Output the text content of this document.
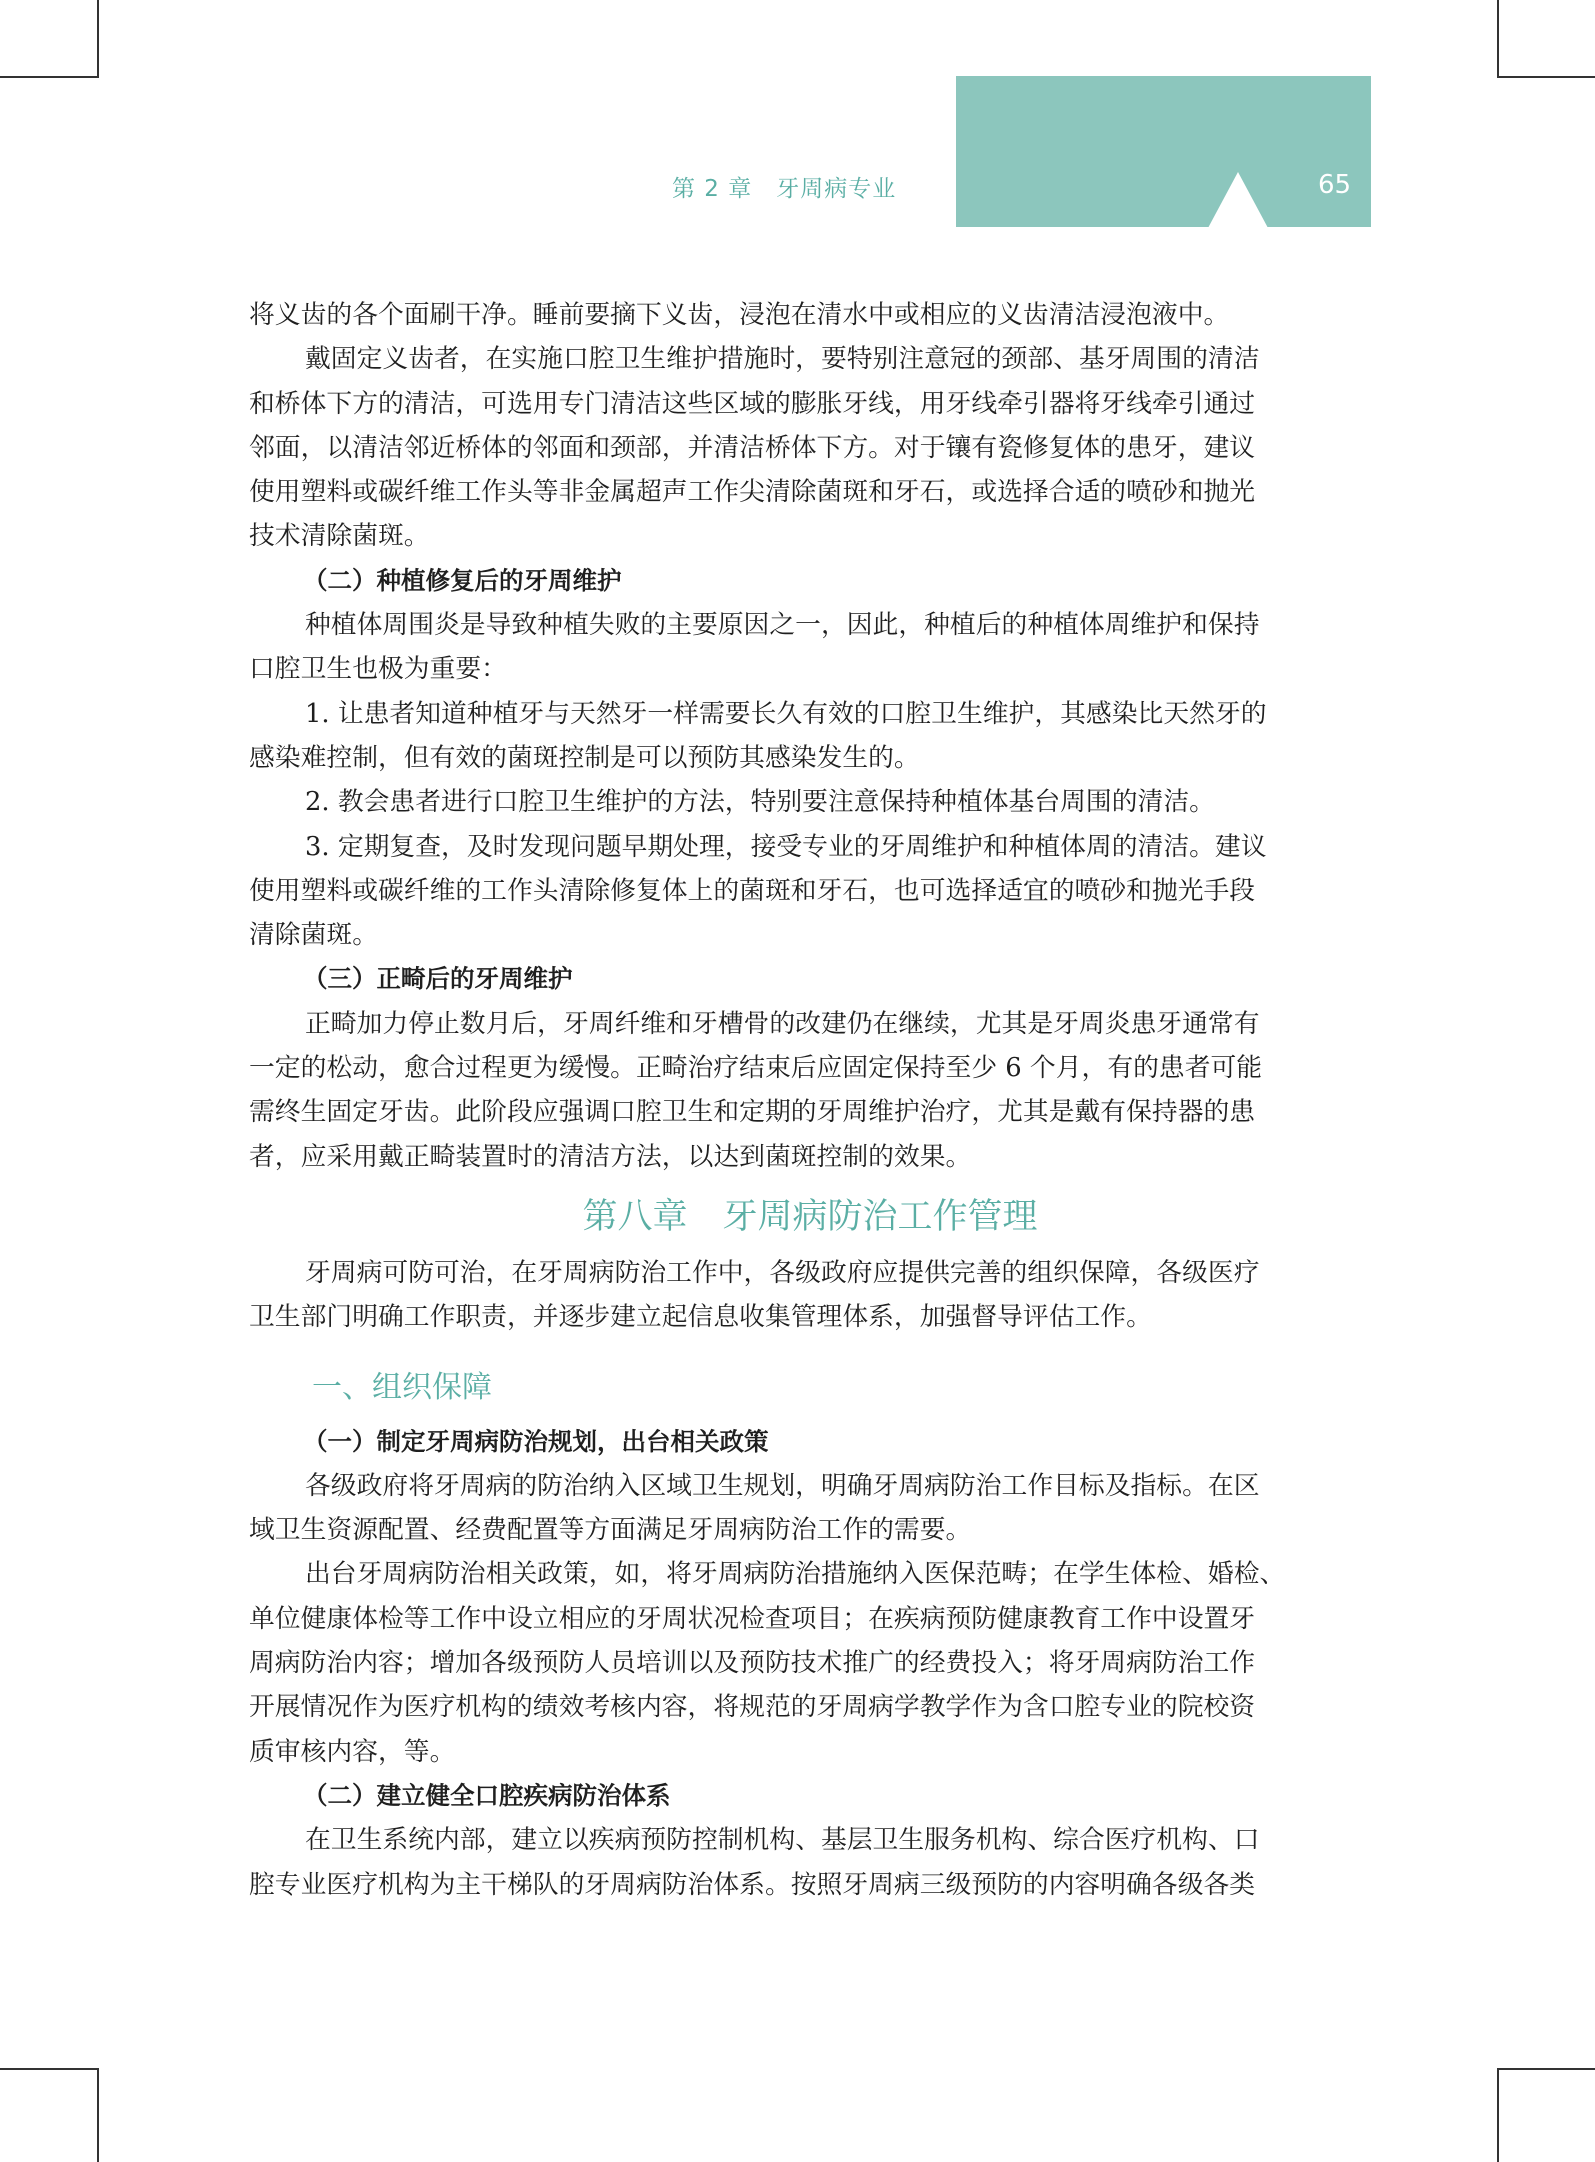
第 2 章　牙周病专业	65

将义齿的各个面刷干净。睡前要摘下义齿，浸泡在清水中或相应的义齿清洁浸泡液中。

戴固定义齿者，在实施口腔卫生维护措施时，要特别注意冠的颈部、基牙周围的清洁

和桥体下方的清洁，可选用专门清洁这些区域的膨胀牙线，用牙线牵引器将牙线牵引通过

邻面，以清洁邻近桥体的邻面和颈部，并清洁桥体下方。对于镶有瓷修复体的患牙，建议

使用塑料或碳纤维工作头等非金属超声工作尖清除菌斑和牙石，或选择合适的喷砂和抛光

技术清除菌斑。

（二）种植修复后的牙周维护

种植体周围炎是导致种植失败的主要原因之一，因此，种植后的种植体周维护和保持

口腔卫生也极为重要：

1. 让患者知道种植牙与天然牙一样需要长久有效的口腔卫生维护，其感染比天然牙的

感染难控制，但有效的菌斑控制是可以预防其感染发生的。

2. 教会患者进行口腔卫生维护的方法，特别要注意保持种植体基台周围的清洁。

3. 定期复查，及时发现问题早期处理，接受专业的牙周维护和种植体周的清洁。建议

使用塑料或碳纤维的工作头清除修复体上的菌斑和牙石，也可选择适宜的喷砂和抛光手段

清除菌斑。

（三）正畸后的牙周维护

正畸加力停止数月后，牙周纤维和牙槽骨的改建仍在继续，尤其是牙周炎患牙通常有

一定的松动，愈合过程更为缓慢。正畸治疗结束后应固定保持至少 6 个月，有的患者可能

需终生固定牙齿。此阶段应强调口腔卫生和定期的牙周维护治疗，尤其是戴有保持器的患

者，应采用戴正畸装置时的清洁方法，以达到菌斑控制的效果。

第八章　牙周病防治工作管理

牙周病可防可治，在牙周病防治工作中，各级政府应提供完善的组织保障，各级医疗

卫生部门明确工作职责，并逐步建立起信息收集管理体系，加强督导评估工作。

一、组织保障

（一）制定牙周病防治规划，出台相关政策

各级政府将牙周病的防治纳入区域卫生规划，明确牙周病防治工作目标及指标。在区

域卫生资源配置、经费配置等方面满足牙周病防治工作的需要。

出台牙周病防治相关政策，如，将牙周病防治措施纳入医保范畴；在学生体检、婚检、

单位健康体检等工作中设立相应的牙周状况检查项目；在疾病预防健康教育工作中设置牙

周病防治内容；增加各级预防人员培训以及预防技术推广的经费投入；将牙周病防治工作

开展情况作为医疗机构的绩效考核内容，将规范的牙周病学教学作为含口腔专业的院校资

质审核内容，等。

（二）建立健全口腔疾病防治体系

在卫生系统内部，建立以疾病预防控制机构、基层卫生服务机构、综合医疗机构、口

腔专业医疗机构为主干梯队的牙周病防治体系。按照牙周病三级预防的内容明确各级各类
